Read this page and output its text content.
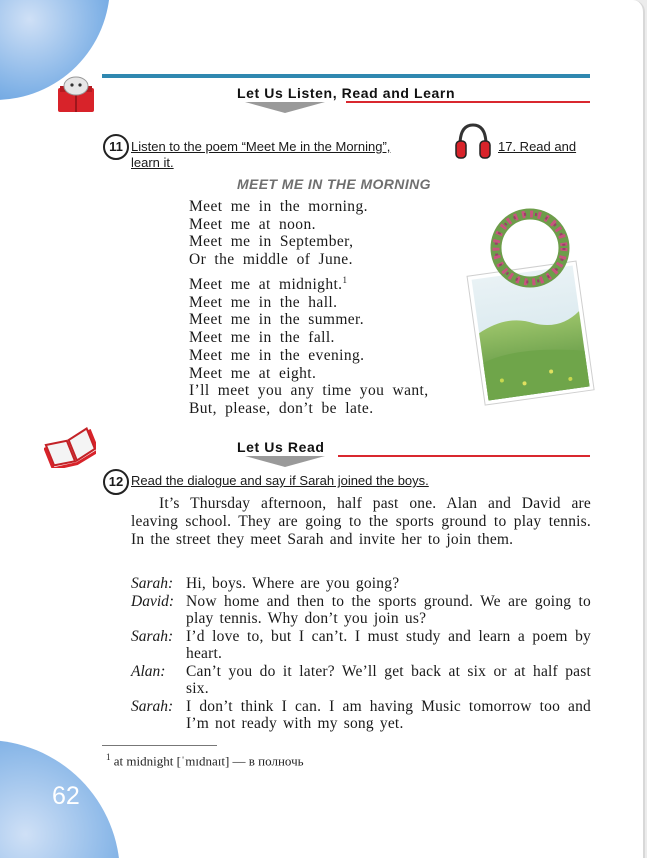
62
Let Us Listen, Read and Learn
11 Listen to the poem “Meet Me in the Morning”,	17. Read and
learn it.
MEET ME IN THE MORNING
Meet me in the morning.
Meet me at noon.
Meet me in September,
Or the middle of June.
Meet me at midnight.$^1$
Meet me in the hall.
Meet me in the summer.
Meet me in the fall.
Meet me in the evening.
Meet me at eight.
I’ll meet you any time you want,
But, please, don’t be late.
Let Us Read
12 Read the dialogue and say if Sarah joined the boys.
It’s Thursday afternoon, half past one. Alan and David are leaving school. They are going to the sports ground to play tennis. In the street they meet Sarah and invite her to join them.
Sarah: Hi, boys. Where are you going?
David: Now home and then to the sports ground. We are going to play tennis. Why don’t you join us?
Sarah: I’d love to, but I can’t. I must study and learn a poem by heart.
Alan:	Can’t you do it later? We’ll get back at six or at half past six.
Sarah: I don’t think I can. I am having Music tomorrow too and I’m not ready with my song yet.
$^1$ at midnight [ˈmɪdnaɪt] — в полночь
